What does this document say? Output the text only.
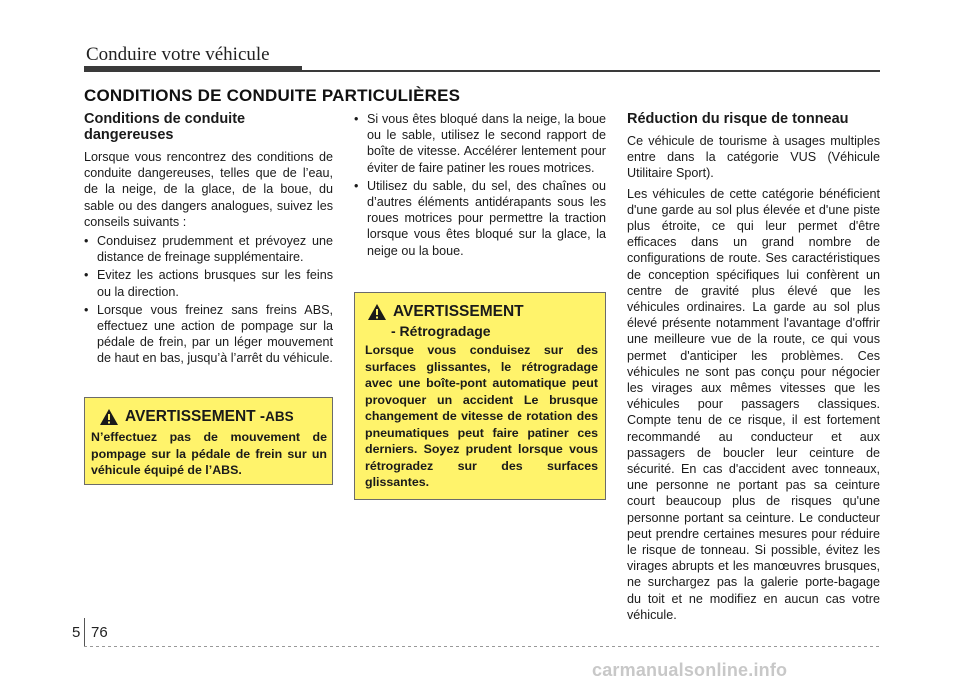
Conduire votre véhicule
CONDITIONS DE CONDUITE PARTICULIÈRES
Conditions de conduite dangereuses

Lorsque vous rencontrez des conditions de conduite dangereuses, telles que de l’eau, de la neige, de la glace, de la boue, du sable ou des dangers analogues, suivez les conseils suivants :

• Conduisez prudemment et prévoyez une distance de freinage supplémentaire.
• Evitez les actions brusques sur les feins ou la direction.
• Lorsque vous freinez sans freins ABS, effectuez une action de pompage sur la pédale de frein, par un léger mouvement de haut en bas, jusqu’à l’arrêt du véhicule.
AVERTISSEMENT - ABS

N’effectuez pas de mouvement de pompage sur la pédale de frein sur un véhicule équipé de l’ABS.

• Si vous êtes bloqué dans la neige, la boue ou le sable, utilisez le second rapport de boîte de vitesse. Accélérer lentement pour éviter de faire patiner les roues motrices.
• Utilisez du sable, du sel, des chaînes ou d’autres éléments antidérapants sous les roues motrices pour permettre la traction lorsque vous êtes bloqué sur la glace, la neige ou la boue.
AVERTISSEMENT
- Rétrogradage

Lorsque vous conduisez sur des surfaces glissantes, le rétrogradage avec une boîte-pont automatique peut provoquer un accident Le brusque changement de vitesse de rotation des pneumatiques peut faire patiner ces derniers. Soyez prudent lorsque vous rétrogradez sur des surfaces glissantes.

Réduction du risque de tonneau

Ce véhicule de tourisme à usages multiples entre dans la catégorie VUS (Véhicule Utilitaire Sport).

Les véhicules de cette catégorie bénéficient d'une garde au sol plus élevée et d'une piste plus étroite, ce qui leur permet d'être efficaces dans un grand nombre de configurations de route. Ses caractéristiques de conception spécifiques lui confèrent un centre de gravité plus élevé que les véhicules ordinaires. La garde au sol plus élevé présente notamment l'avantage d'offrir une meilleure vue de la route, ce qui vous permet d'anticiper les problèmes. Ces véhicules ne sont pas conçu pour négocier les virages aux mêmes vitesses que les véhicules pour passagers classiques. Compte tenu de ce risque, il est fortement recommandé au conducteur et aux passagers de boucler leur ceinture de sécurité. En cas d'accident avec tonneaux, une personne ne portant pas sa ceinture court beaucoup plus de risques qu'une personne portant sa ceinture. Le conducteur peut prendre certaines mesures pour réduire le risque de tonneau. Si possible, évitez les virages abrupts et les manœuvres brusques, ne surchargez pas la galerie porte-bagage du toit et ne modifiez en aucun cas votre véhicule.

5 76
carmanualsonline.info
